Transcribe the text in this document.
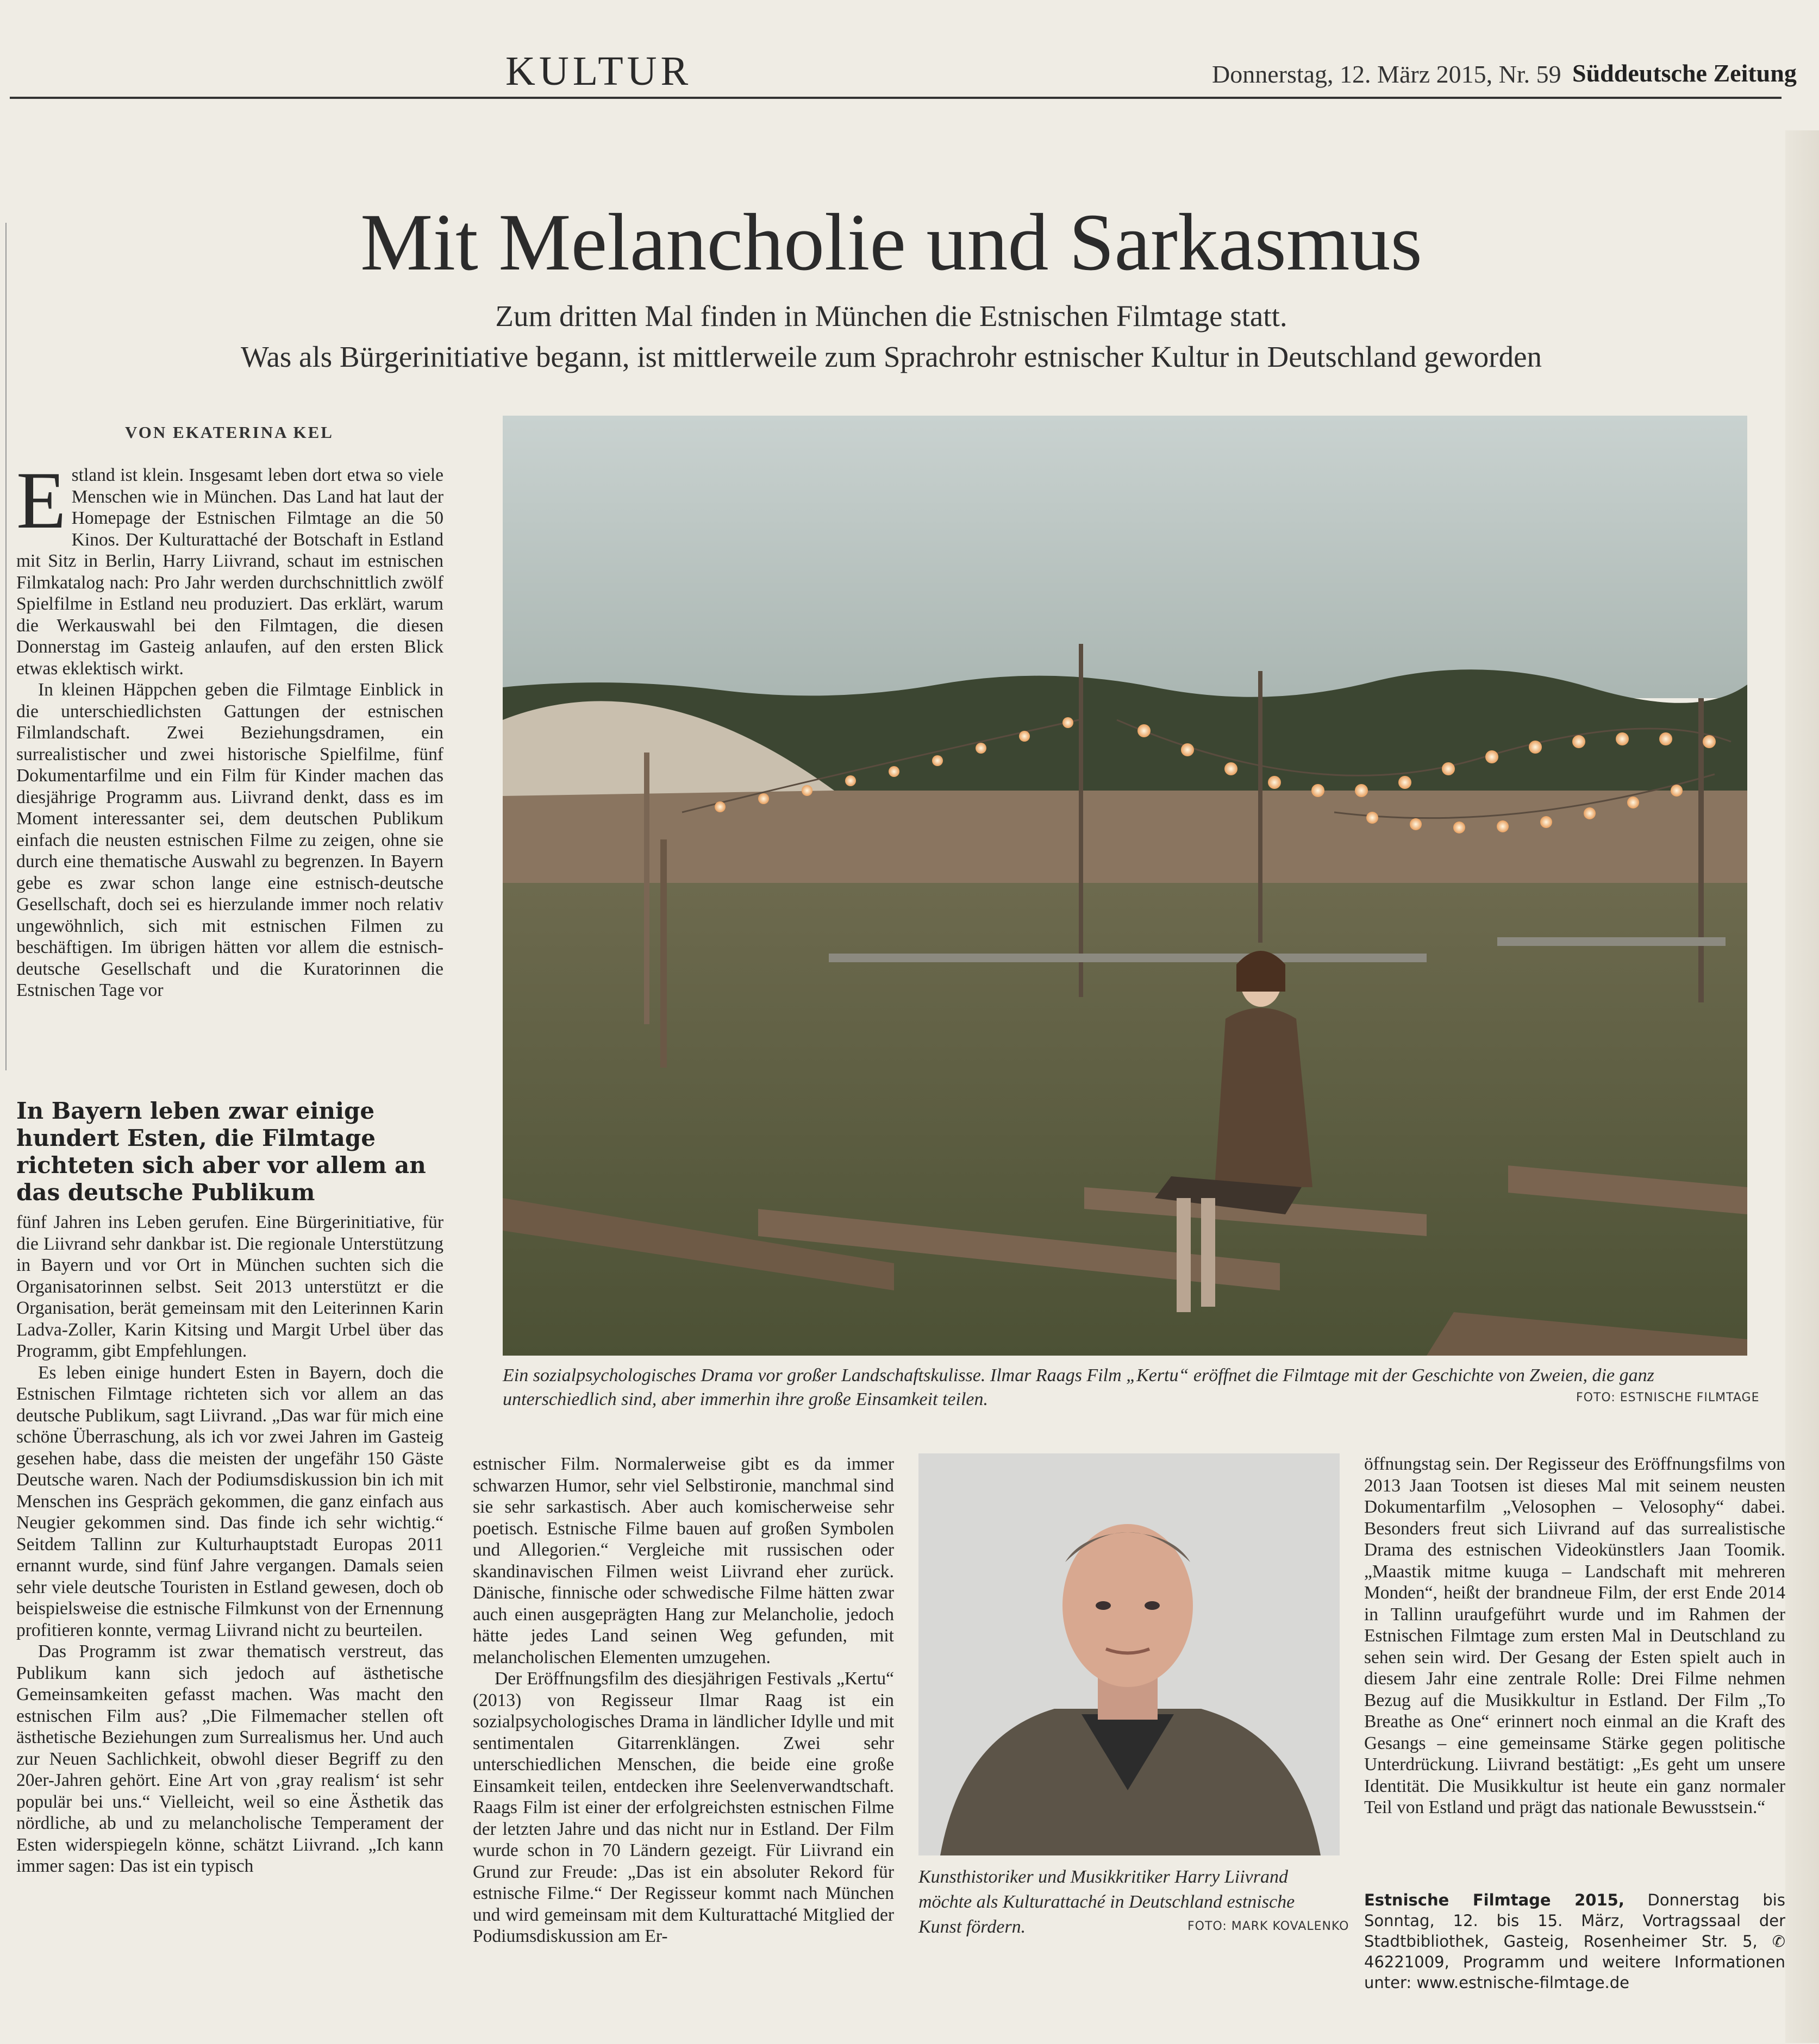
KULTUR	Donnerstag, 12. März 2015, Nr. 59 Süddeutsche Zeitung
Mit Melancholie und Sarkasmus
Zum dritten Mal finden in München die Estnischen Filmtage statt.
Was als Bürgerinitiative begann, ist mittlerweile zum Sprachrohr estnischer Kultur in Deutschland geworden
VON EKATERINA KEL

Estland ist klein. Insgesamt leben dort etwa so viele Menschen wie in München. Das Land hat laut der Homepage der Estnischen Filmtage an die 50 Kinos. Der Kulturattaché der Botschaft in Estland mit Sitz in Berlin, Harry Liivrand, schaut im estnischen Filmkatalog nach: Pro Jahr werden durchschnittlich zwölf Spielfilme in Estland neu produziert. Das erklärt, warum die Werkauswahl bei den Filmtagen, die diesen Donnerstag im Gasteig anlaufen, auf den ersten Blick etwas eklektisch wirkt.

In kleinen Häppchen geben die Filmtage Einblick in die unterschiedlichsten Gattungen der estnischen Filmlandschaft. Zwei Beziehungsdramen, ein surrealistischer und zwei historische Spielfilme, fünf Dokumentarfilme und ein Film für Kinder machen das diesjährige Programm aus. Liivrand denkt, dass es im Moment interessanter sei, dem deutschen Publikum einfach die neusten estnischen Filme zu zeigen, ohne sie durch eine thematische Auswahl zu begrenzen. In Bayern gebe es zwar schon lange eine estnisch-deutsche Gesellschaft, doch sei es hierzulande immer noch relativ ungewöhnlich, sich mit estnischen Filmen zu beschäftigen. Im übrigen hätten vor allem die estnisch-deutsche Gesellschaft und die Kuratorinnen die Estnischen Tage vor

In Bayern leben zwar einige hundert Esten, die Filmtage richteten sich aber vor allem an das deutsche Publikum

fünf Jahren ins Leben gerufen. Eine Bürgerinitiative, für die Liivrand sehr dankbar ist. Die regionale Unterstützung in Bayern und vor Ort in München suchten sich die Organisatorinnen selbst. Seit 2013 unterstützt er die Organisation, berät gemeinsam mit den Leiterinnen Karin Ladva-Zoller, Karin Kitsing und Margit Urbel über das Programm, gibt Empfehlungen.

Es leben einige hundert Esten in Bayern, doch die Estnischen Filmtage richteten sich vor allem an das deutsche Publikum, sagt Liivrand. „Das war für mich eine schöne Überraschung, als ich vor zwei Jahren im Gasteig gesehen habe, dass die meisten der ungefähr 150 Gäste Deutsche waren. Nach der Podiumsdiskussion bin ich mit Menschen ins Gespräch gekommen, die ganz einfach aus Neugier gekommen sind. Das finde ich sehr wichtig.“ Seitdem Tallinn zur Kulturhauptstadt Europas 2011 ernannt wurde, sind fünf Jahre vergangen. Damals seien sehr viele deutsche Touristen in Estland gewesen, doch ob beispielsweise die estnische Filmkunst von der Ernennung profitieren konnte, vermag Liivrand nicht zu beurteilen.

Das Programm ist zwar thematisch verstreut, das Publikum kann sich jedoch auf ästhetische Gemeinsamkeiten gefasst machen. Was macht den estnischen Film aus? „Die Filmemacher stellen oft ästhetische Beziehungen zum Surrealismus her. Und auch zur Neuen Sachlichkeit, obwohl dieser Begriff zu den 20er-Jahren gehört. Eine Art von ‚gray realism‘ ist sehr populär bei uns.“ Vielleicht, weil so eine Ästhetik das nördliche, ab und zu melancholische Temperament der Esten widerspiegeln könne, schätzt Liivrand. „Ich kann immer sagen: Das ist ein typisch

Ein sozialpsychologisches Drama vor großer Landschaftskulisse. Ilmar Raags Film „Kertu“ eröffnet die Filmtage mit der Geschichte von Zweien, die ganz unterschiedlich sind, aber immerhin ihre große Einsamkeit teilen.	FOTO: ESTNISCHE FILMTAGE

estnischer Film. Normalerweise gibt es da immer schwarzen Humor, sehr viel Selbstironie, manchmal sind sie sehr sarkastisch. Aber auch komischerweise sehr poetisch. Estnische Filme bauen auf großen Symbolen und Allegorien.“ Vergleiche mit russischen oder skandinavischen Filmen weist Liivrand eher zurück. Dänische, finnische oder schwedische Filme hätten zwar auch einen ausgeprägten Hang zur Melancholie, jedoch hätte jedes Land seinen Weg gefunden, mit melancholischen Elementen umzugehen.

Der Eröffnungsfilm des diesjährigen Festivals „Kertu“ (2013) von Regisseur Ilmar Raag ist ein sozialpsychologisches Drama in ländlicher Idylle und mit sentimentalen Gitarrenklängen. Zwei sehr unterschiedlichen Menschen, die beide eine große Einsamkeit teilen, entdecken ihre Seelenverwandtschaft. Raags Film ist einer der erfolgreichsten estnischen Filme der letzten Jahre und das nicht nur in Estland. Der Film wurde schon in 70 Ländern gezeigt. Für Liivrand ein Grund zur Freude: „Das ist ein absoluter Rekord für estnische Filme.“ Der Regisseur kommt nach München und wird gemeinsam mit dem Kulturattaché Mitglied der Podiumsdiskussion am Er-

Kunsthistoriker und Musikkritiker Harry Liivrand möchte als Kulturattaché in Deutschland estnische Kunst fördern.	FOTO: MARK KOVALENKO

öffnungstag sein. Der Regisseur des Eröffnungsfilms von 2013 Jaan Tootsen ist dieses Mal mit seinem neusten Dokumentarfilm „Velosophen – Velosophy“ dabei. Besonders freut sich Liivrand auf das surrealistische Drama des estnischen Videokünstlers Jaan Toomik. „Maastik mitme kuuga – Landschaft mit mehreren Monden“, heißt der brandneue Film, der erst Ende 2014 in Tallinn uraufgeführt wurde und im Rahmen der Estnischen Filmtage zum ersten Mal in Deutschland zu sehen sein wird. Der Gesang der Esten spielt auch in diesem Jahr eine zentrale Rolle: Drei Filme nehmen Bezug auf die Musikkultur in Estland. Der Film „To Breathe as One“ erinnert noch einmal an die Kraft des Gesangs – eine gemeinsame Stärke gegen politische Unterdrückung. Liivrand bestätigt: „Es geht um unsere Identität. Die Musikkultur ist heute ein ganz normaler Teil von Estland und prägt das nationale Bewusstsein.“

Estnische Filmtage 2015, Donnerstag bis Sonntag, 12. bis 15. März, Vortragssaal der Stadtbibliothek, Gasteig, Rosenheimer Str. 5, ✆ 46221009, Programm und weitere Informationen unter: www.estnische-filmtage.de
